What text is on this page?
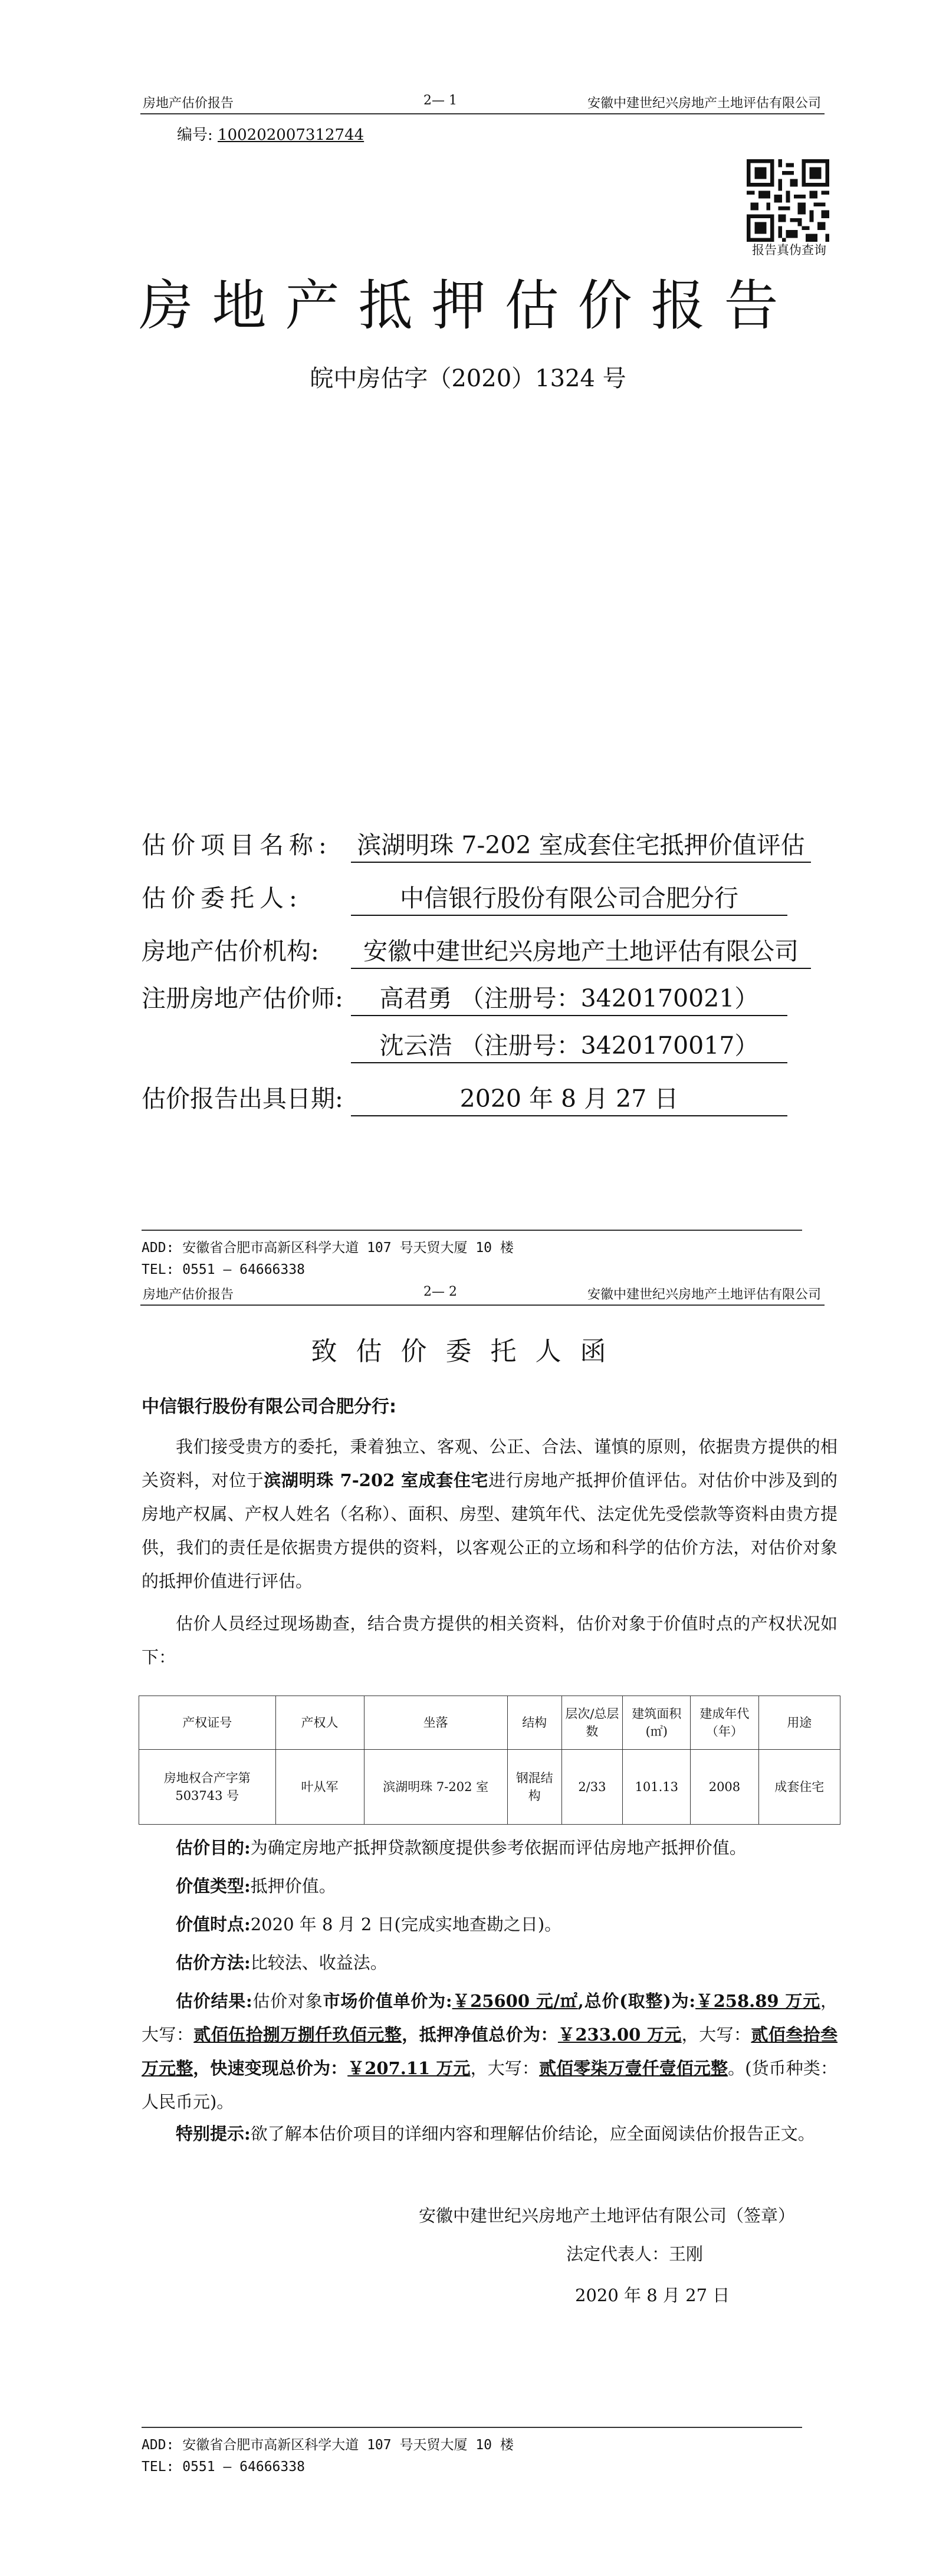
房地产估价报告	2— 1	安徽中建世纪兴房地产土地评估有限公司
编号: 100202007312744
报告真伪查询
房地产抵押估价报告
皖中房估字（2020）1324 号
估价项目名称: 滨湖明珠 7-202 室成套住宅抵押价值评估
估价委托人:	中信银行股份有限公司合肥分行
房地产估价机构: 安徽中建世纪兴房地产土地评估有限公司
注册房地产估价师: 高君勇 （注册号：3420170021）
沈云浩 （注册号：3420170017）
估价报告出具日期:	2020 年 8 月 27 日
ADD: 安徽省合肥市高新区科学大道 107 号天贸大厦 10 楼
TEL: 0551 — 64666338
房地产估价报告	2— 2	安徽中建世纪兴房地产土地评估有限公司
致估价委托人函
中信银行股份有限公司合肥分行:
我们接受贵方的委托，秉着独立、客观、公正、合法、谨慎的原则，依据贵方提供的相关资料，对位于滨湖明珠 7-202 室成套住宅进行房地产抵押价值评估。对估价中涉及到的房地产权属、产权人姓名（名称）、面积、房型、建筑年代、法定优先受偿款等资料由贵方提供，我们的责任是依据贵方提供的资料，以客观公正的立场和科学的估价方法，对估价对象的抵押价值进行评估。
估价人员经过现场勘查，结合贵方提供的相关资料，估价对象于价值时点的产权状况如下：
产权证号	产权人	坐落	结构	层次/总层数	建筑面积(㎡)	建成年代（年）	用途
房地权合产字第503743 号	叶从军	滨湖明珠 7-202 室	钢混结构	2/33	101.13	2008	成套住宅
估价目的:为确定房地产抵押贷款额度提供参考依据而评估房地产抵押价值。
价值类型:抵押价值。
价值时点:2020 年 8 月 2 日(完成实地查勘之日)。
估价方法:比较法、收益法。
估价结果:估价对象市场价值单价为:￥25600 元/㎡,总价(取整)为:￥258.89 万元，大写：贰佰伍拾捌万捌仟玖佰元整，抵押净值总价为：￥233.00 万元，大写：贰佰叁拾叁万元整，快速变现总价为：￥207.11 万元，大写：贰佰零柒万壹仟壹佰元整。(货币种类：人民币元)。
特别提示:欲了解本估价项目的详细内容和理解估价结论，应全面阅读估价报告正文。
安徽中建世纪兴房地产土地评估有限公司（签章）
法定代表人：王刚
2020 年 8 月 27 日
ADD: 安徽省合肥市高新区科学大道 107 号天贸大厦 10 楼
TEL: 0551 — 64666338
